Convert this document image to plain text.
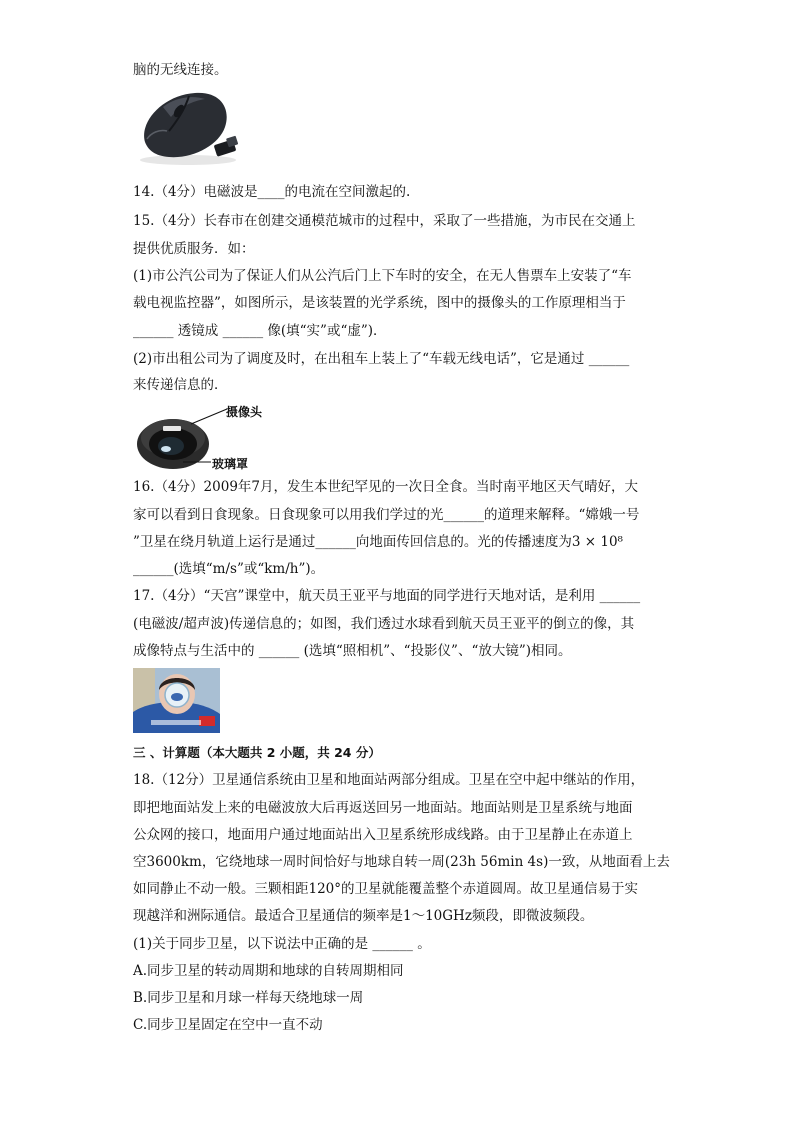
脑的无线连接。
14.（4分）电磁波是____的电流在空间激起的.
15.（4分）长春市在创建交通模范城市的过程中，采取了一些措施，为市民在交通上
提供优质服务．如：
(1)市公汽公司为了保证人们从公汽后门上下车时的安全，在无人售票车上安装了“车
载电视监控器”，如图所示，是该装置的光学系统，图中的摄像头的工作原理相当于
______ 透镜成 ______ 像(填“实”或“虚”)．
(2)市出租公司为了调度及时，在出租车上装上了“车载无线电话”，它是通过 ______
来传递信息的．
摄像头
玻璃罩
16.（4分）2009年7月，发生本世纪罕见的一次日全食。当时南平地区天气晴好，大
家可以看到日食现象。日食现象可以用我们学过的光______的道理来解释。“嫦娥一号
”卫星在绕月轨道上运行是通过______向地面传回信息的。光的传播速度为3 × 10⁸
______(选填“m/s”或“km/h”)。
17.（4分）“天宫”课堂中，航天员王亚平与地面的同学进行天地对话，是利用 ______
(电磁波/超声波)传递信息的；如图，我们透过水球看到航天员王亚平的倒立的像，其
成像特点与生活中的 ______ (选填“照相机”、“投影仪”、“放大镜”)相同。
三 、计算题（本大题共 2 小题，共 24 分）
18.（12分）卫星通信系统由卫星和地面站两部分组成。卫星在空中起中继站的作用，
即把地面站发上来的电磁波放大后再返送回另一地面站。地面站则是卫星系统与地面
公众网的接口，地面用户通过地面站出入卫星系统形成线路。由于卫星静止在赤道上
空3600km，它绕地球一周时间恰好与地球自转一周(23h 56min 4s)一致，从地面看上去
如同静止不动一般。三颗相距120°的卫星就能覆盖整个赤道圆周。故卫星通信易于实
现越洋和洲际通信。最适合卫星通信的频率是1～10GHz频段，即微波频段。
(1)关于同步卫星，以下说法中正确的是 ______ 。
A.同步卫星的转动周期和地球的自转周期相同
B.同步卫星和月球一样每天绕地球一周
C.同步卫星固定在空中一直不动
